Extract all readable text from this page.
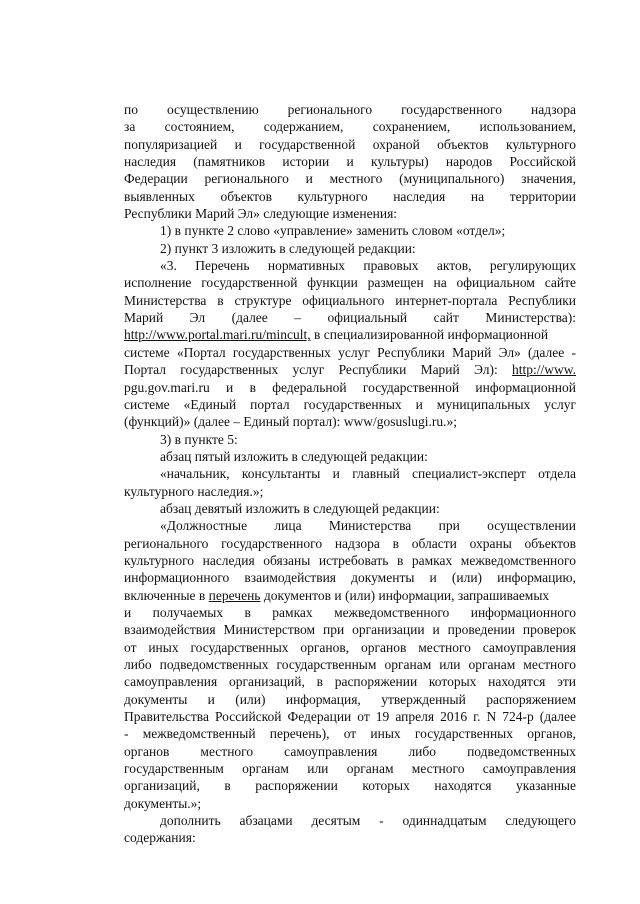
по осуществлению регионального государственного надзора
за состоянием, содержанием, сохранением, использованием,
популяризацией и государственной охраной объектов культурного
наследия (памятников истории и культуры) народов Российской
Федерации регионального и местного (муниципального) значения,
выявленных объектов культурного наследия на территории
Республики Марий Эл» следующие изменения:
1) в пункте 2 слово «управление» заменить словом «отдел»;
2) пункт 3 изложить в следующей редакции:
«3. Перечень нормативных правовых актов, регулирующих
исполнение государственной функции размещен на официальном сайте
Министерства в структуре официального интернет-портала Республики
Марий Эл (далее – официальный сайт Министерства):
http://www.portal.mari.ru/mincult, в специализированной информационной
системе «Портал государственных услуг Республики Марий Эл» (далее -
Портал государственных услуг Республики Марий Эл): http://www.
pgu.gov.mari.ru и в федеральной государственной информационной
системе «Единый портал государственных и муниципальных услуг
(функций)» (далее – Единый портал): www/gosuslugi.ru.»;
3) в пункте 5:
абзац пятый изложить в следующей редакции:
«начальник, консультанты и главный специалист-эксперт отдела
культурного наследия.»;
абзац девятый изложить в следующей редакции:
«Должностные лица Министерства при осуществлении
регионального государственного надзора в области охраны объектов
культурного наследия обязаны истребовать в рамках межведомственного
информационного взаимодействия документы и (или) информацию,
включенные в перечень документов и (или) информации, запрашиваемых
и получаемых в рамках межведомственного информационного
взаимодействия Министерством при организации и проведении проверок
от иных государственных органов, органов местного самоуправления
либо подведомственных государственным органам или органам местного
самоуправления организаций, в распоряжении которых находятся эти
документы и (или) информация, утвержденный распоряжением
Правительства Российской Федерации от 19 апреля 2016 г. N 724-р (далее
- межведомственный перечень), от иных государственных органов,
органов местного самоуправления либо подведомственных
государственным органам или органам местного самоуправления
организаций, в распоряжении которых находятся указанные
документы.»;
дополнить абзацами десятым - одиннадцатым следующего
содержания:
